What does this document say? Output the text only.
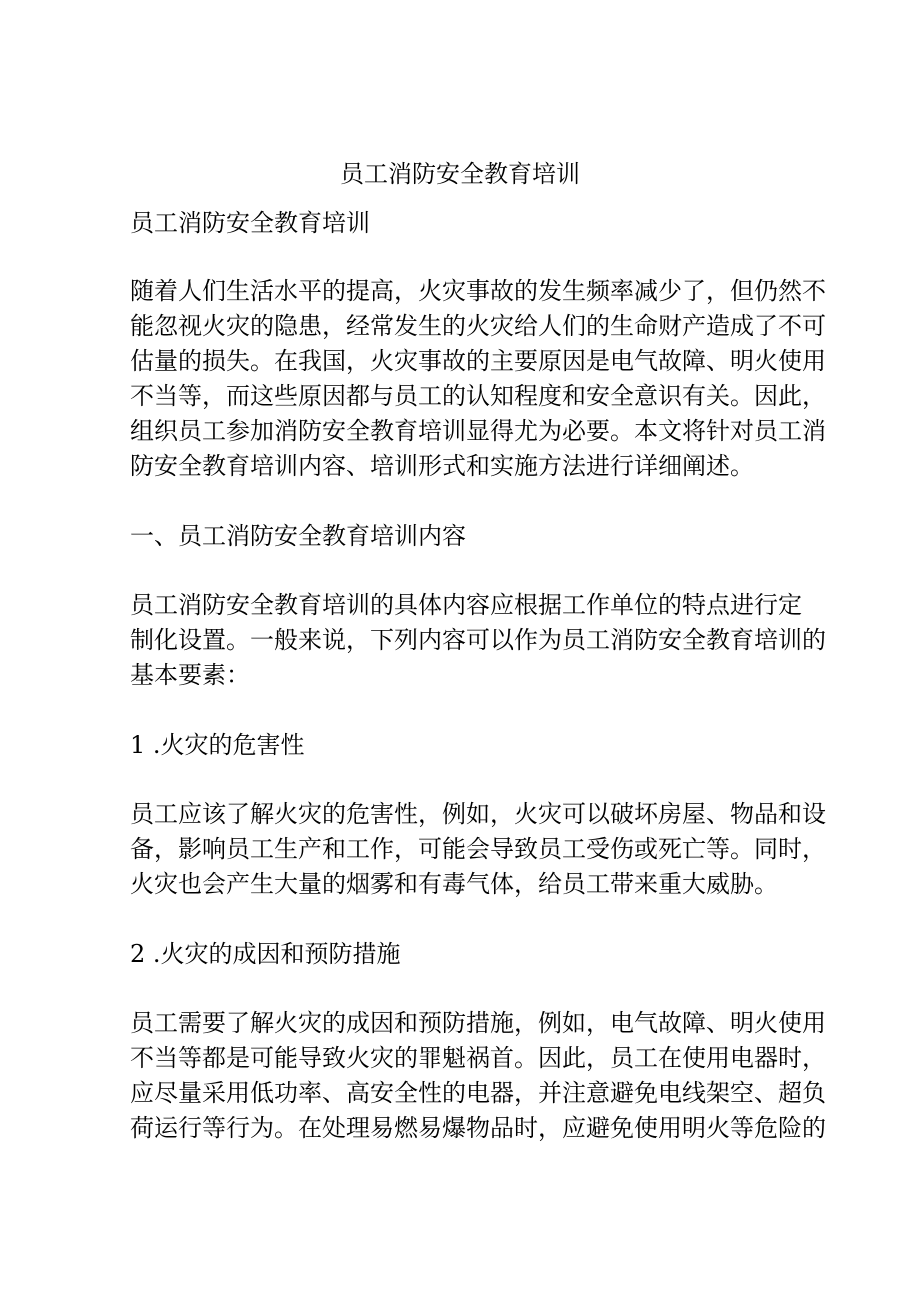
员工消防安全教育培训
员工消防安全教育培训
随着人们生活水平的提高，火灾事故的发生频率减少了，但仍然不
能忽视火灾的隐患，经常发生的火灾给人们的生命财产造成了不可
估量的损失。在我国，火灾事故的主要原因是电气故障、明火使用
不当等，而这些原因都与员工的认知程度和安全意识有关。因此，
组织员工参加消防安全教育培训显得尤为必要。本文将针对员工消
防安全教育培训内容、培训形式和实施方法进行详细阐述。
一、员工消防安全教育培训内容
员工消防安全教育培训的具体内容应根据工作单位的特点进行定
制化设置。一般来说，下列内容可以作为员工消防安全教育培训的
基本要素：
1 .火灾的危害性
员工应该了解火灾的危害性，例如，火灾可以破坏房屋、物品和设
备，影响员工生产和工作，可能会导致员工受伤或死亡等。同时，
火灾也会产生大量的烟雾和有毒气体，给员工带来重大威胁。
2 .火灾的成因和预防措施
员工需要了解火灾的成因和预防措施，例如，电气故障、明火使用
不当等都是可能导致火灾的罪魁祸首。因此，员工在使用电器时，
应尽量采用低功率、高安全性的电器，并注意避免电线架空、超负
荷运行等行为。在处理易燃易爆物品时，应避免使用明火等危险的
